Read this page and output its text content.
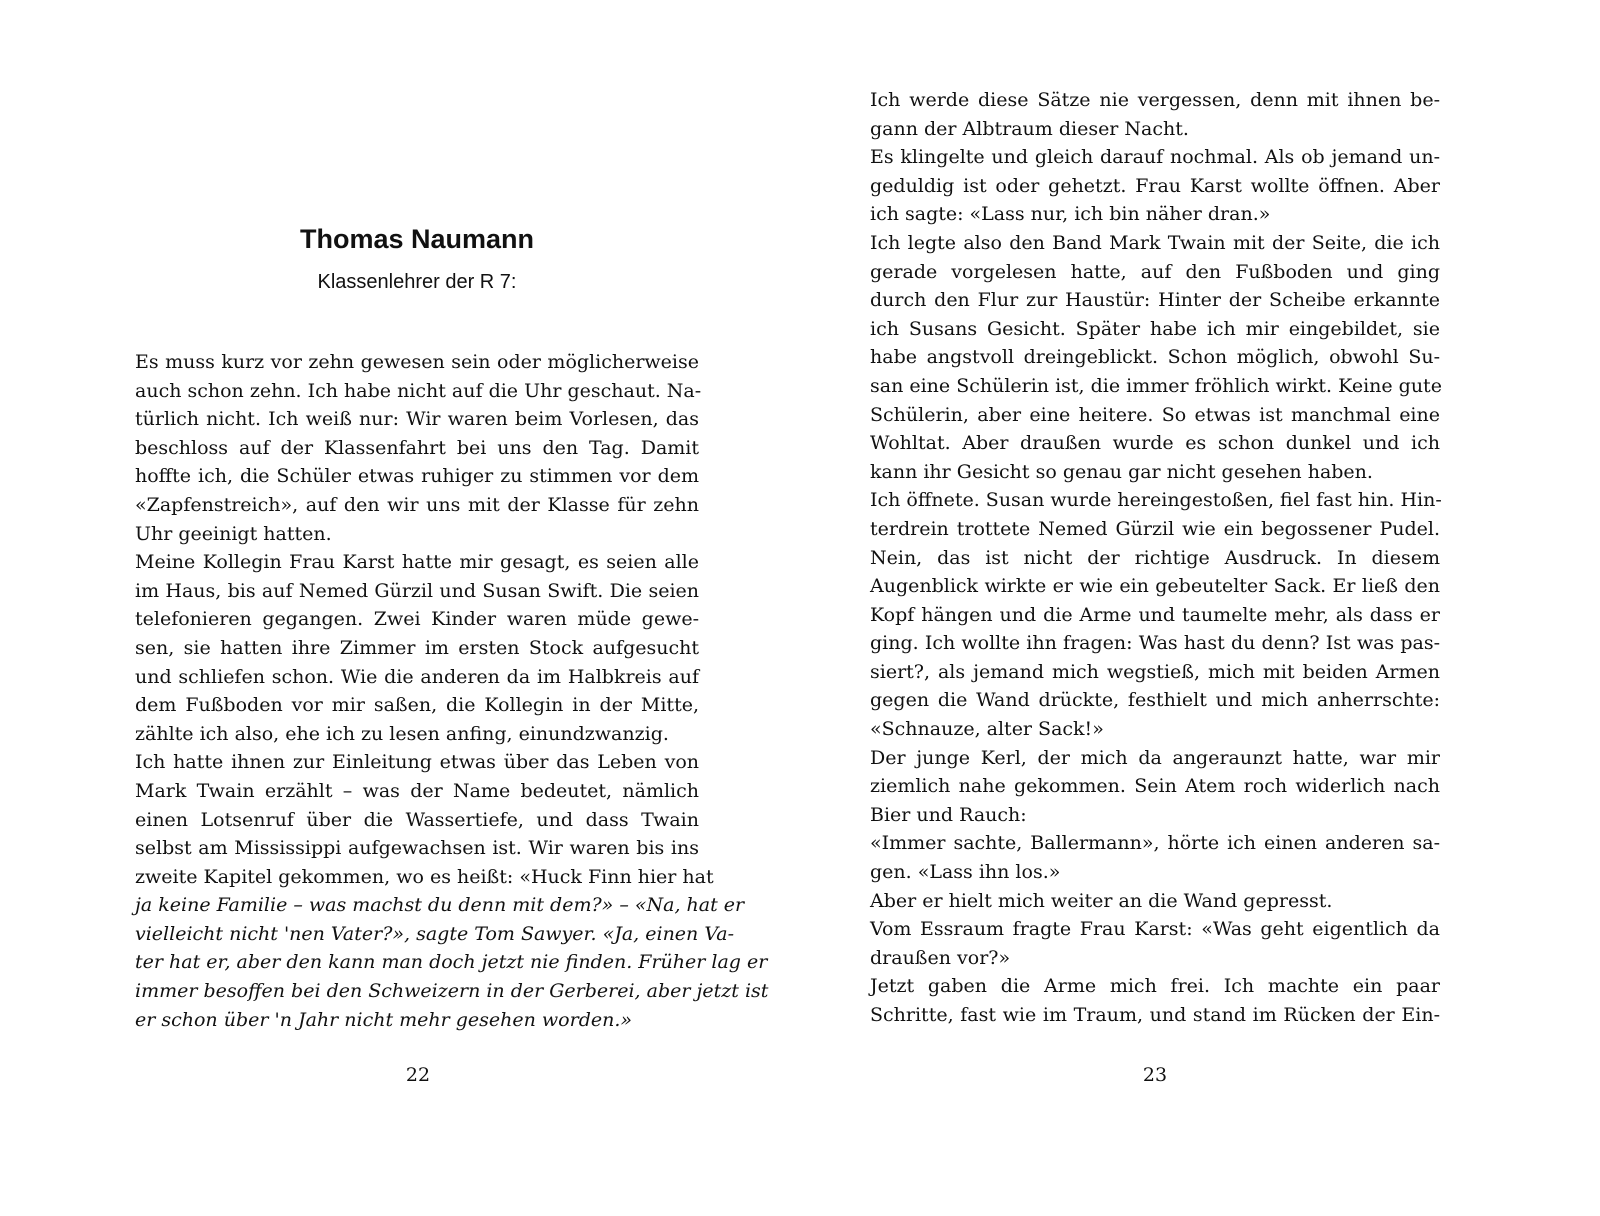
Thomas Naumann
Klassenlehrer der R 7:
Es muss kurz vor zehn gewesen sein oder möglicherweise
auch schon zehn. Ich habe nicht auf die Uhr geschaut. Na-
türlich nicht. Ich weiß nur: Wir waren beim Vorlesen, das
beschloss auf der Klassenfahrt bei uns den Tag. Damit
hoffte ich, die Schüler etwas ruhiger zu stimmen vor dem
«Zapfenstreich», auf den wir uns mit der Klasse für zehn
Uhr geeinigt hatten.
Meine Kollegin Frau Karst hatte mir gesagt, es seien alle
im Haus, bis auf Nemed Gürzil und Susan Swift. Die seien
telefonieren gegangen. Zwei Kinder waren müde gewe-
sen, sie hatten ihre Zimmer im ersten Stock aufgesucht
und schliefen schon. Wie die anderen da im Halbkreis auf
dem Fußboden vor mir saßen, die Kollegin in der Mitte,
zählte ich also, ehe ich zu lesen anfing, einundzwanzig.
Ich hatte ihnen zur Einleitung etwas über das Leben von
Mark Twain erzählt – was der Name bedeutet, nämlich
einen Lotsenruf über die Wassertiefe, und dass Twain
selbst am Mississippi aufgewachsen ist. Wir waren bis ins
zweite Kapitel gekommen, wo es heißt: «Huck Finn hier hat
ja keine Familie – was machst du denn mit dem?» – «Na, hat er
vielleicht nicht 'nen Vater?», sagte Tom Sawyer. «Ja, einen Va-
ter hat er, aber den kann man doch jetzt nie finden. Früher lag er
immer besoffen bei den Schweizern in der Gerberei, aber jetzt ist
er schon über 'n Jahr nicht mehr gesehen worden.»
22
Ich werde diese Sätze nie vergessen, denn mit ihnen be-
gann der Albtraum dieser Nacht.
Es klingelte und gleich darauf nochmal. Als ob jemand un-
geduldig ist oder gehetzt. Frau Karst wollte öffnen. Aber
ich sagte: «Lass nur, ich bin näher dran.»
Ich legte also den Band Mark Twain mit der Seite, die ich
gerade vorgelesen hatte, auf den Fußboden und ging
durch den Flur zur Haustür: Hinter der Scheibe erkannte
ich Susans Gesicht. Später habe ich mir eingebildet, sie
habe angstvoll dreingeblickt. Schon möglich, obwohl Su-
san eine Schülerin ist, die immer fröhlich wirkt. Keine gute
Schülerin, aber eine heitere. So etwas ist manchmal eine
Wohltat. Aber draußen wurde es schon dunkel und ich
kann ihr Gesicht so genau gar nicht gesehen haben.
Ich öffnete. Susan wurde hereingestoßen, fiel fast hin. Hin-
terdrein trottete Nemed Gürzil wie ein begossener Pudel.
Nein, das ist nicht der richtige Ausdruck. In diesem
Augenblick wirkte er wie ein gebeutelter Sack. Er ließ den
Kopf hängen und die Arme und taumelte mehr, als dass er
ging. Ich wollte ihn fragen: Was hast du denn? Ist was pas-
siert?, als jemand mich wegstieß, mich mit beiden Armen
gegen die Wand drückte, festhielt und mich anherrschte:
«Schnauze, alter Sack!»
Der junge Kerl, der mich da angeraunzt hatte, war mir
ziemlich nahe gekommen. Sein Atem roch widerlich nach
Bier und Rauch:
«Immer sachte, Ballermann», hörte ich einen anderen sa-
gen. «Lass ihn los.»
Aber er hielt mich weiter an die Wand gepresst.
Vom Essraum fragte Frau Karst: «Was geht eigentlich da
draußen vor?»
Jetzt gaben die Arme mich frei. Ich machte ein paar
Schritte, fast wie im Traum, und stand im Rücken der Ein-
23
